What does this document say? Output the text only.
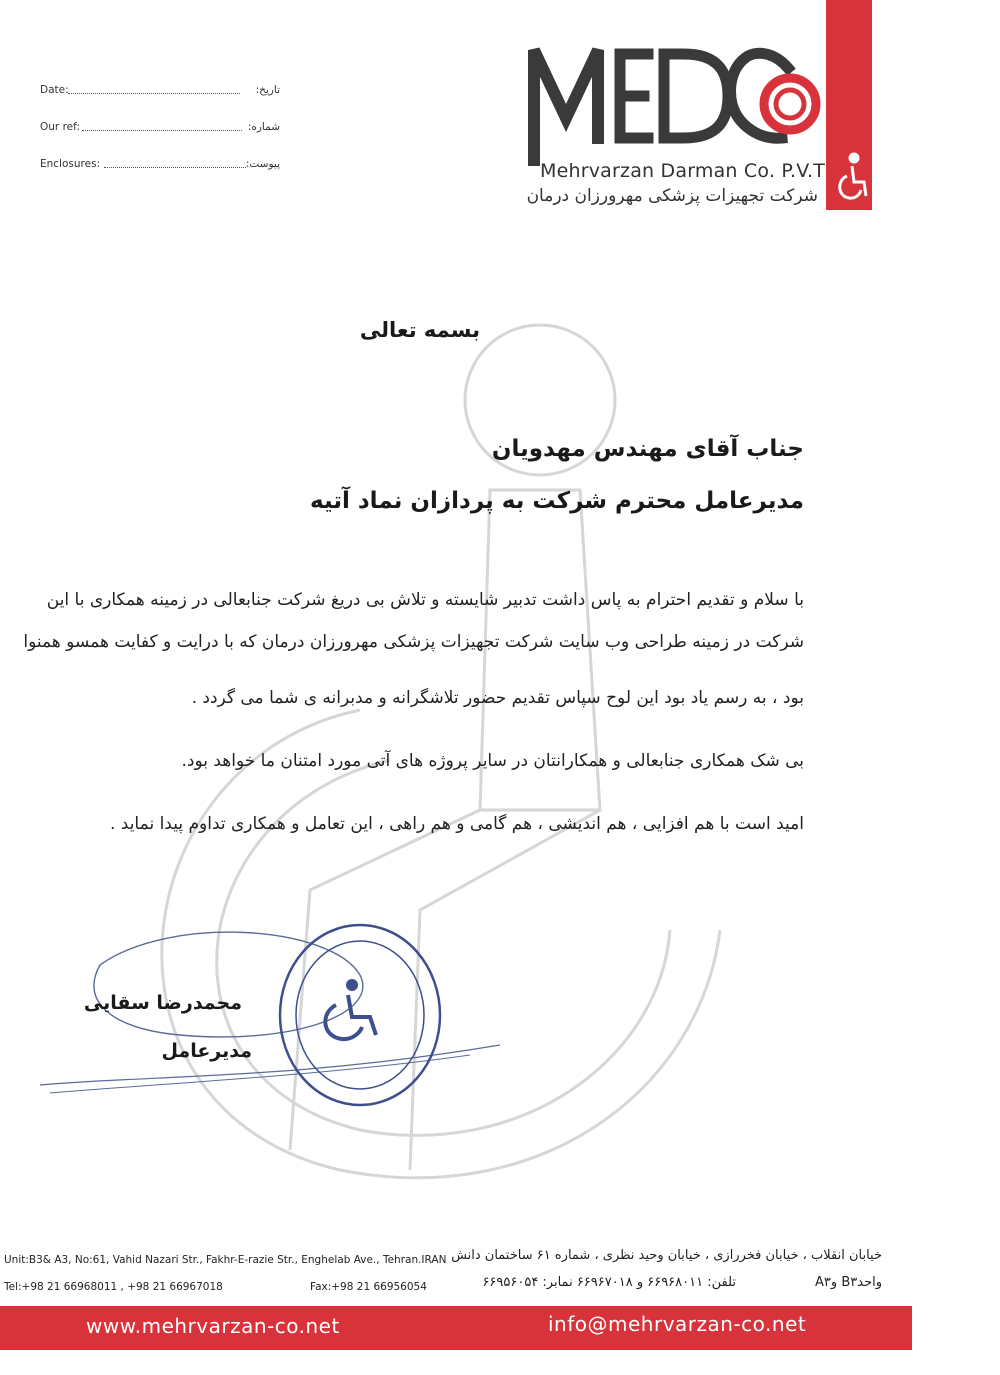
Mehrvarzan Darman Co. P.V.T
شرکت تجهیزات پزشکی مهرورزان درمان
Date:	تاریخ:
Our ref:	شماره:
Enclosures:	پیوست:
بسمه تعالی
جناب آقای مهندس مهدویان
مدیرعامل محترم شرکت به پردازان نماد آتیه
با سلام و تقدیم احترام به پاس داشت تدبیر شایسته و تلاش بی دریغ شرکت جنابعالی در زمینه همکاری با این
شرکت در زمینه طراحی وب سایت شرکت تجهیزات پزشکی مهرورزان درمان که با درایت و کفایت همسو همنوا
بود ، به رسم یاد بود این لوح سپاس تقدیم حضور تلاشگرانه و مدبرانه ی شما می گردد .
بی شک همکاری جنابعالی و همکارانتان در سایر پروژه های آتی مورد امتنان ما خواهد بود.
امید است با هم افزایی ، هم اندیشی ، هم گامی و هم راهی ، این تعامل و همکاری تداوم پیدا نماید .
محمدرضا سقایی
مدیرعامل
Unit:B3& A3, No:61, Vahid Nazari Str., Fakhr-E-razie Str., Enghelab Ave., Tehran.IRAN
Tel:+98 21 66968011 , +98 21 66967018	Fax:+98 21 66956054
خیابان انقلاب ، خیابان فخررازی ، خیابان وحید نظری ، شماره ۶۱ ساختمان دانش
واحدB۳ وA۳
تلفن: ۶۶۹۶۸۰۱۱ و ۶۶۹۶۷۰۱۸ نمابر: ۶۶۹۵۶۰۵۴
www.mehrvarzan-co.net	info@mehrvarzan-co.net
